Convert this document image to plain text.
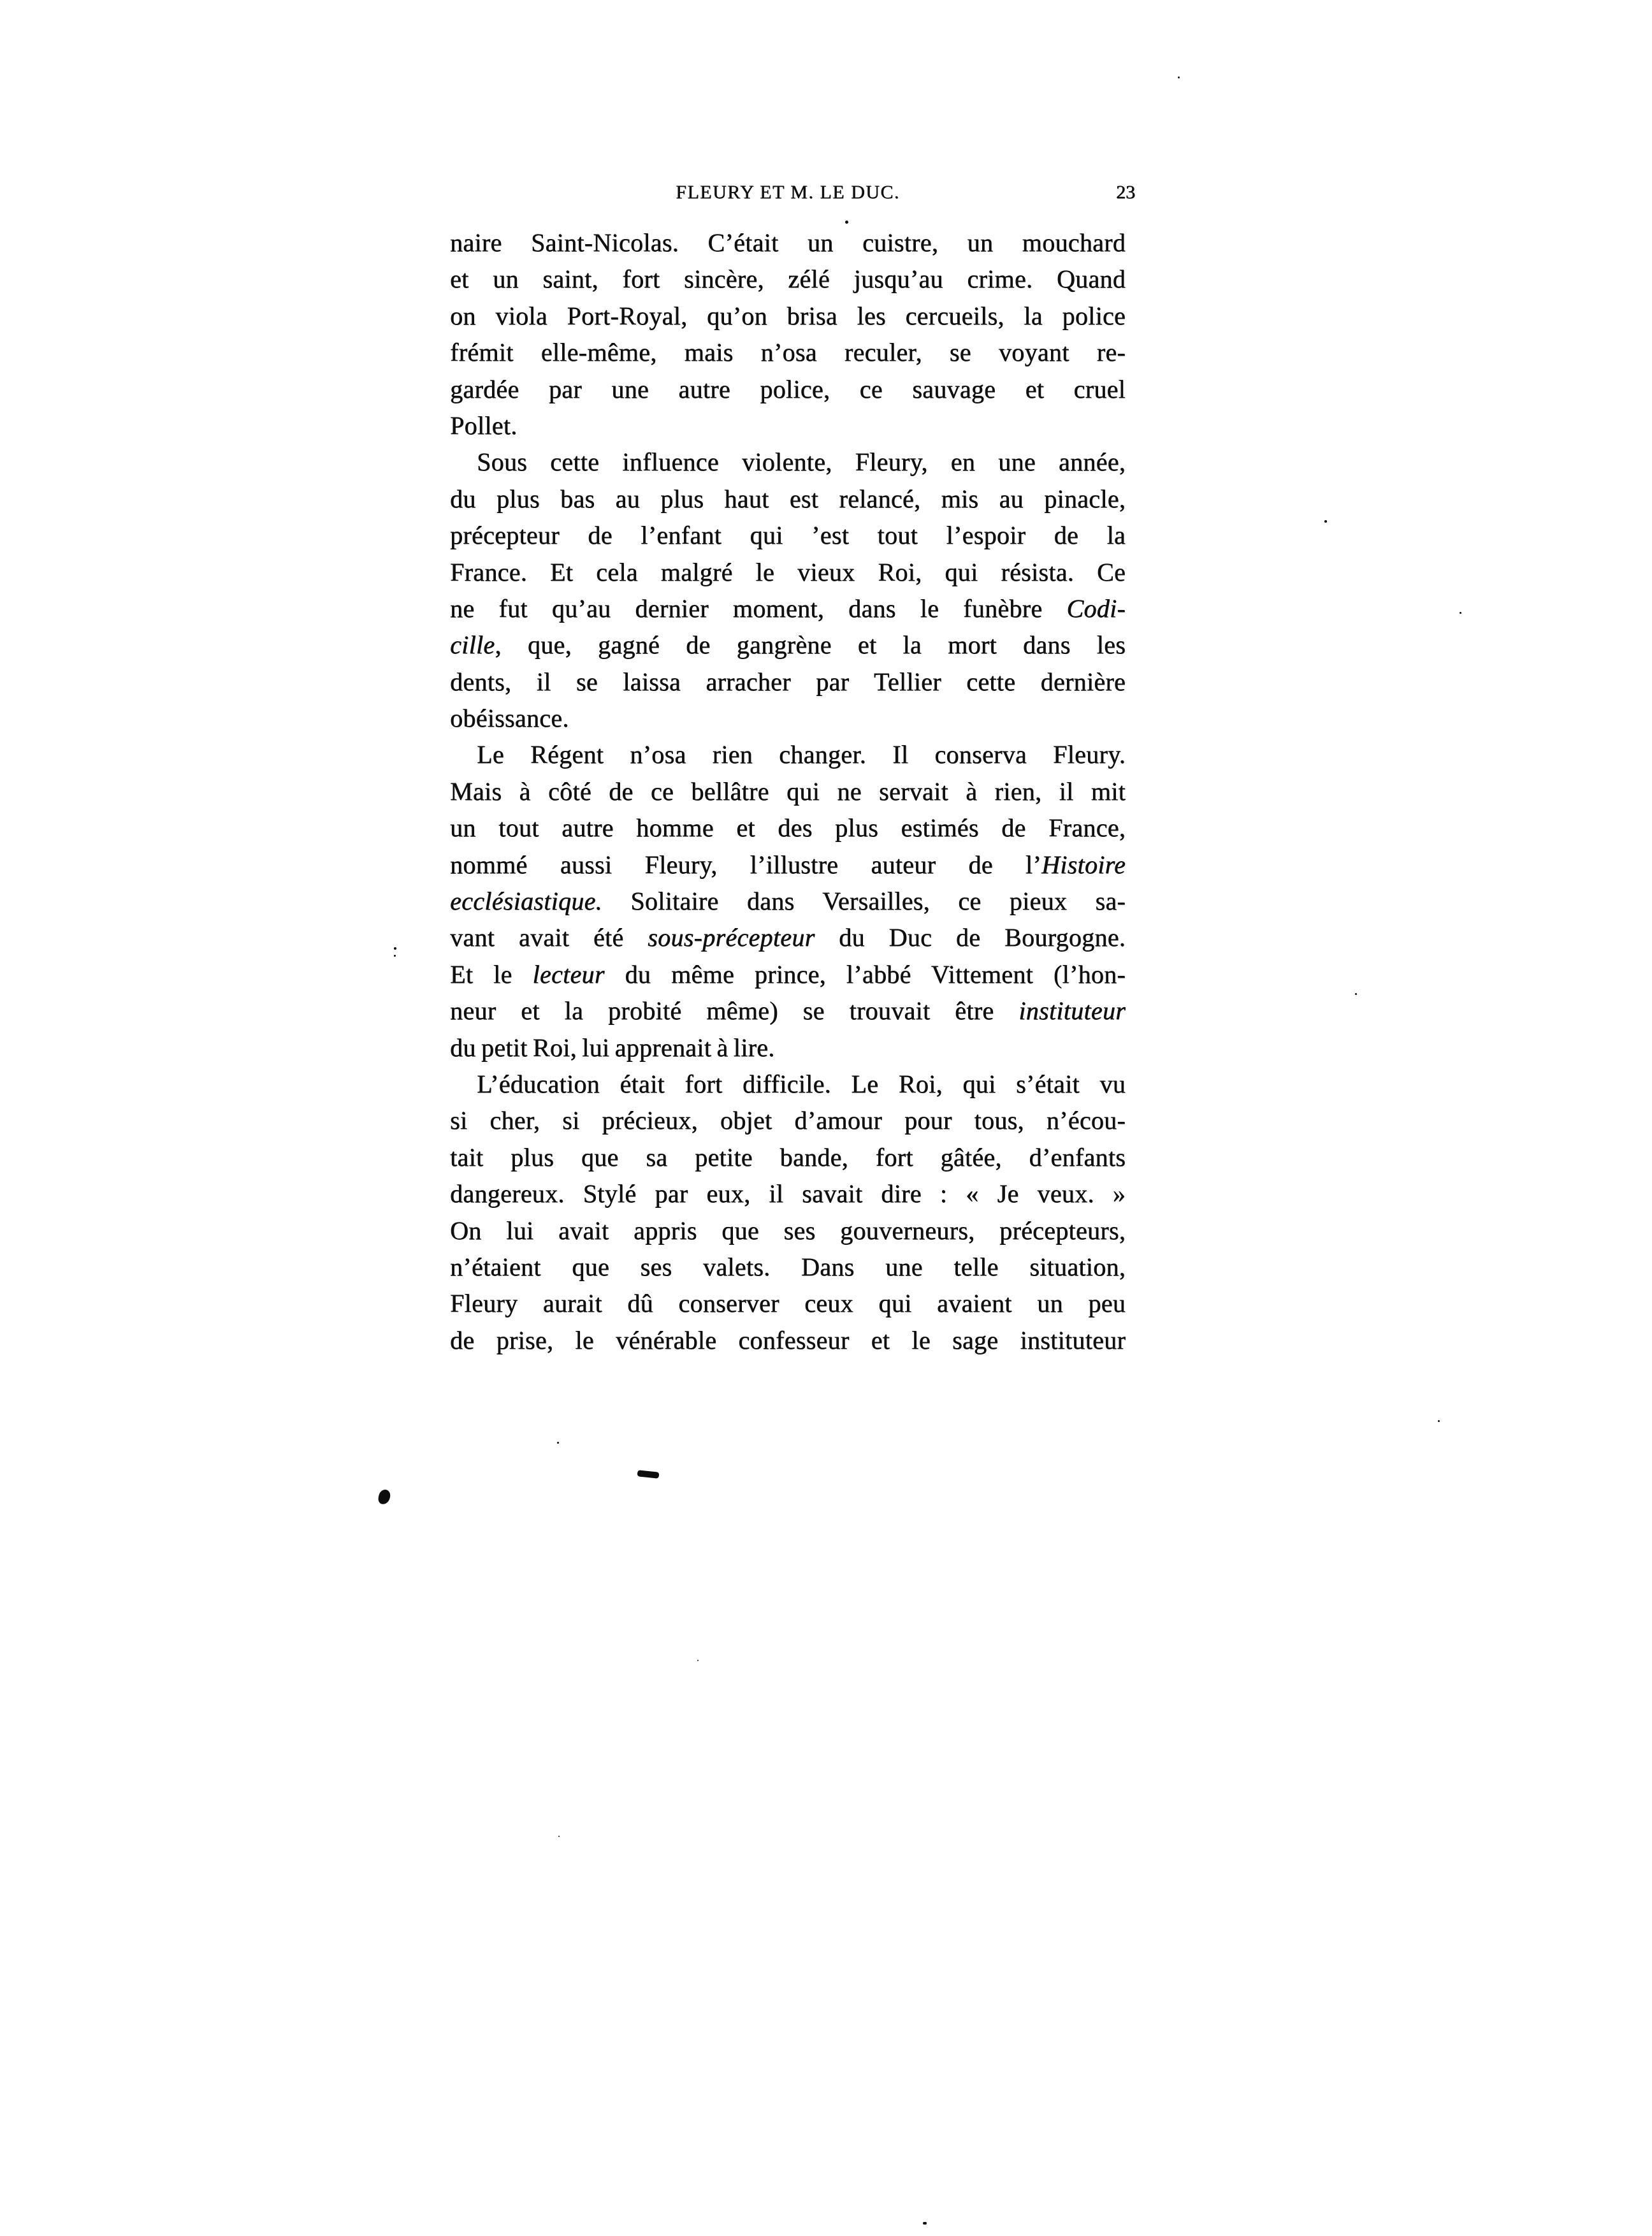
FLEURY ET M. LE DUC.	23
naire Saint-Nicolas. C’était un cuistre, un mouchard
et un saint, fort sincère, zélé jusqu’au crime. Quand
on viola Port-Royal, qu’on brisa les cercueils, la police
frémit elle-même, mais n’osa reculer, se voyant re-
gardée par une autre police, ce sauvage et cruel
Pollet.
Sous cette influence violente, Fleury, en une année,
du plus bas au plus haut est relancé, mis au pinacle,
précepteur de l’enfant qui ’est tout l’espoir de la
France. Et cela malgré le vieux Roi, qui résista. Ce
ne fut qu’au dernier moment, dans le funèbre Codi-
cille, que, gagné de gangrène et la mort dans les
dents, il se laissa arracher par Tellier cette dernière
obéissance.
Le Régent n’osa rien changer. Il conserva Fleury.
Mais à côté de ce bellâtre qui ne servait à rien, il mit
un tout autre homme et des plus estimés de France,
nommé aussi Fleury, l’illustre auteur de l’Histoire
ecclésiastique. Solitaire dans Versailles, ce pieux sa-
vant avait été sous-précepteur du Duc de Bourgogne.
Et le lecteur du même prince, l’abbé Vittement (l’hon-
neur et la probité même) se trouvait être instituteur
du petit Roi, lui apprenait à lire.
L’éducation était fort difficile. Le Roi, qui s’était vu
si cher, si précieux, objet d’amour pour tous, n’écou-
tait plus que sa petite bande, fort gâtée, d’enfants
dangereux. Stylé par eux, il savait dire : « Je veux. »
On lui avait appris que ses gouverneurs, précepteurs,
n’étaient que ses valets. Dans une telle situation,
Fleury aurait dû conserver ceux qui avaient un peu
de prise, le vénérable confesseur et le sage instituteur
